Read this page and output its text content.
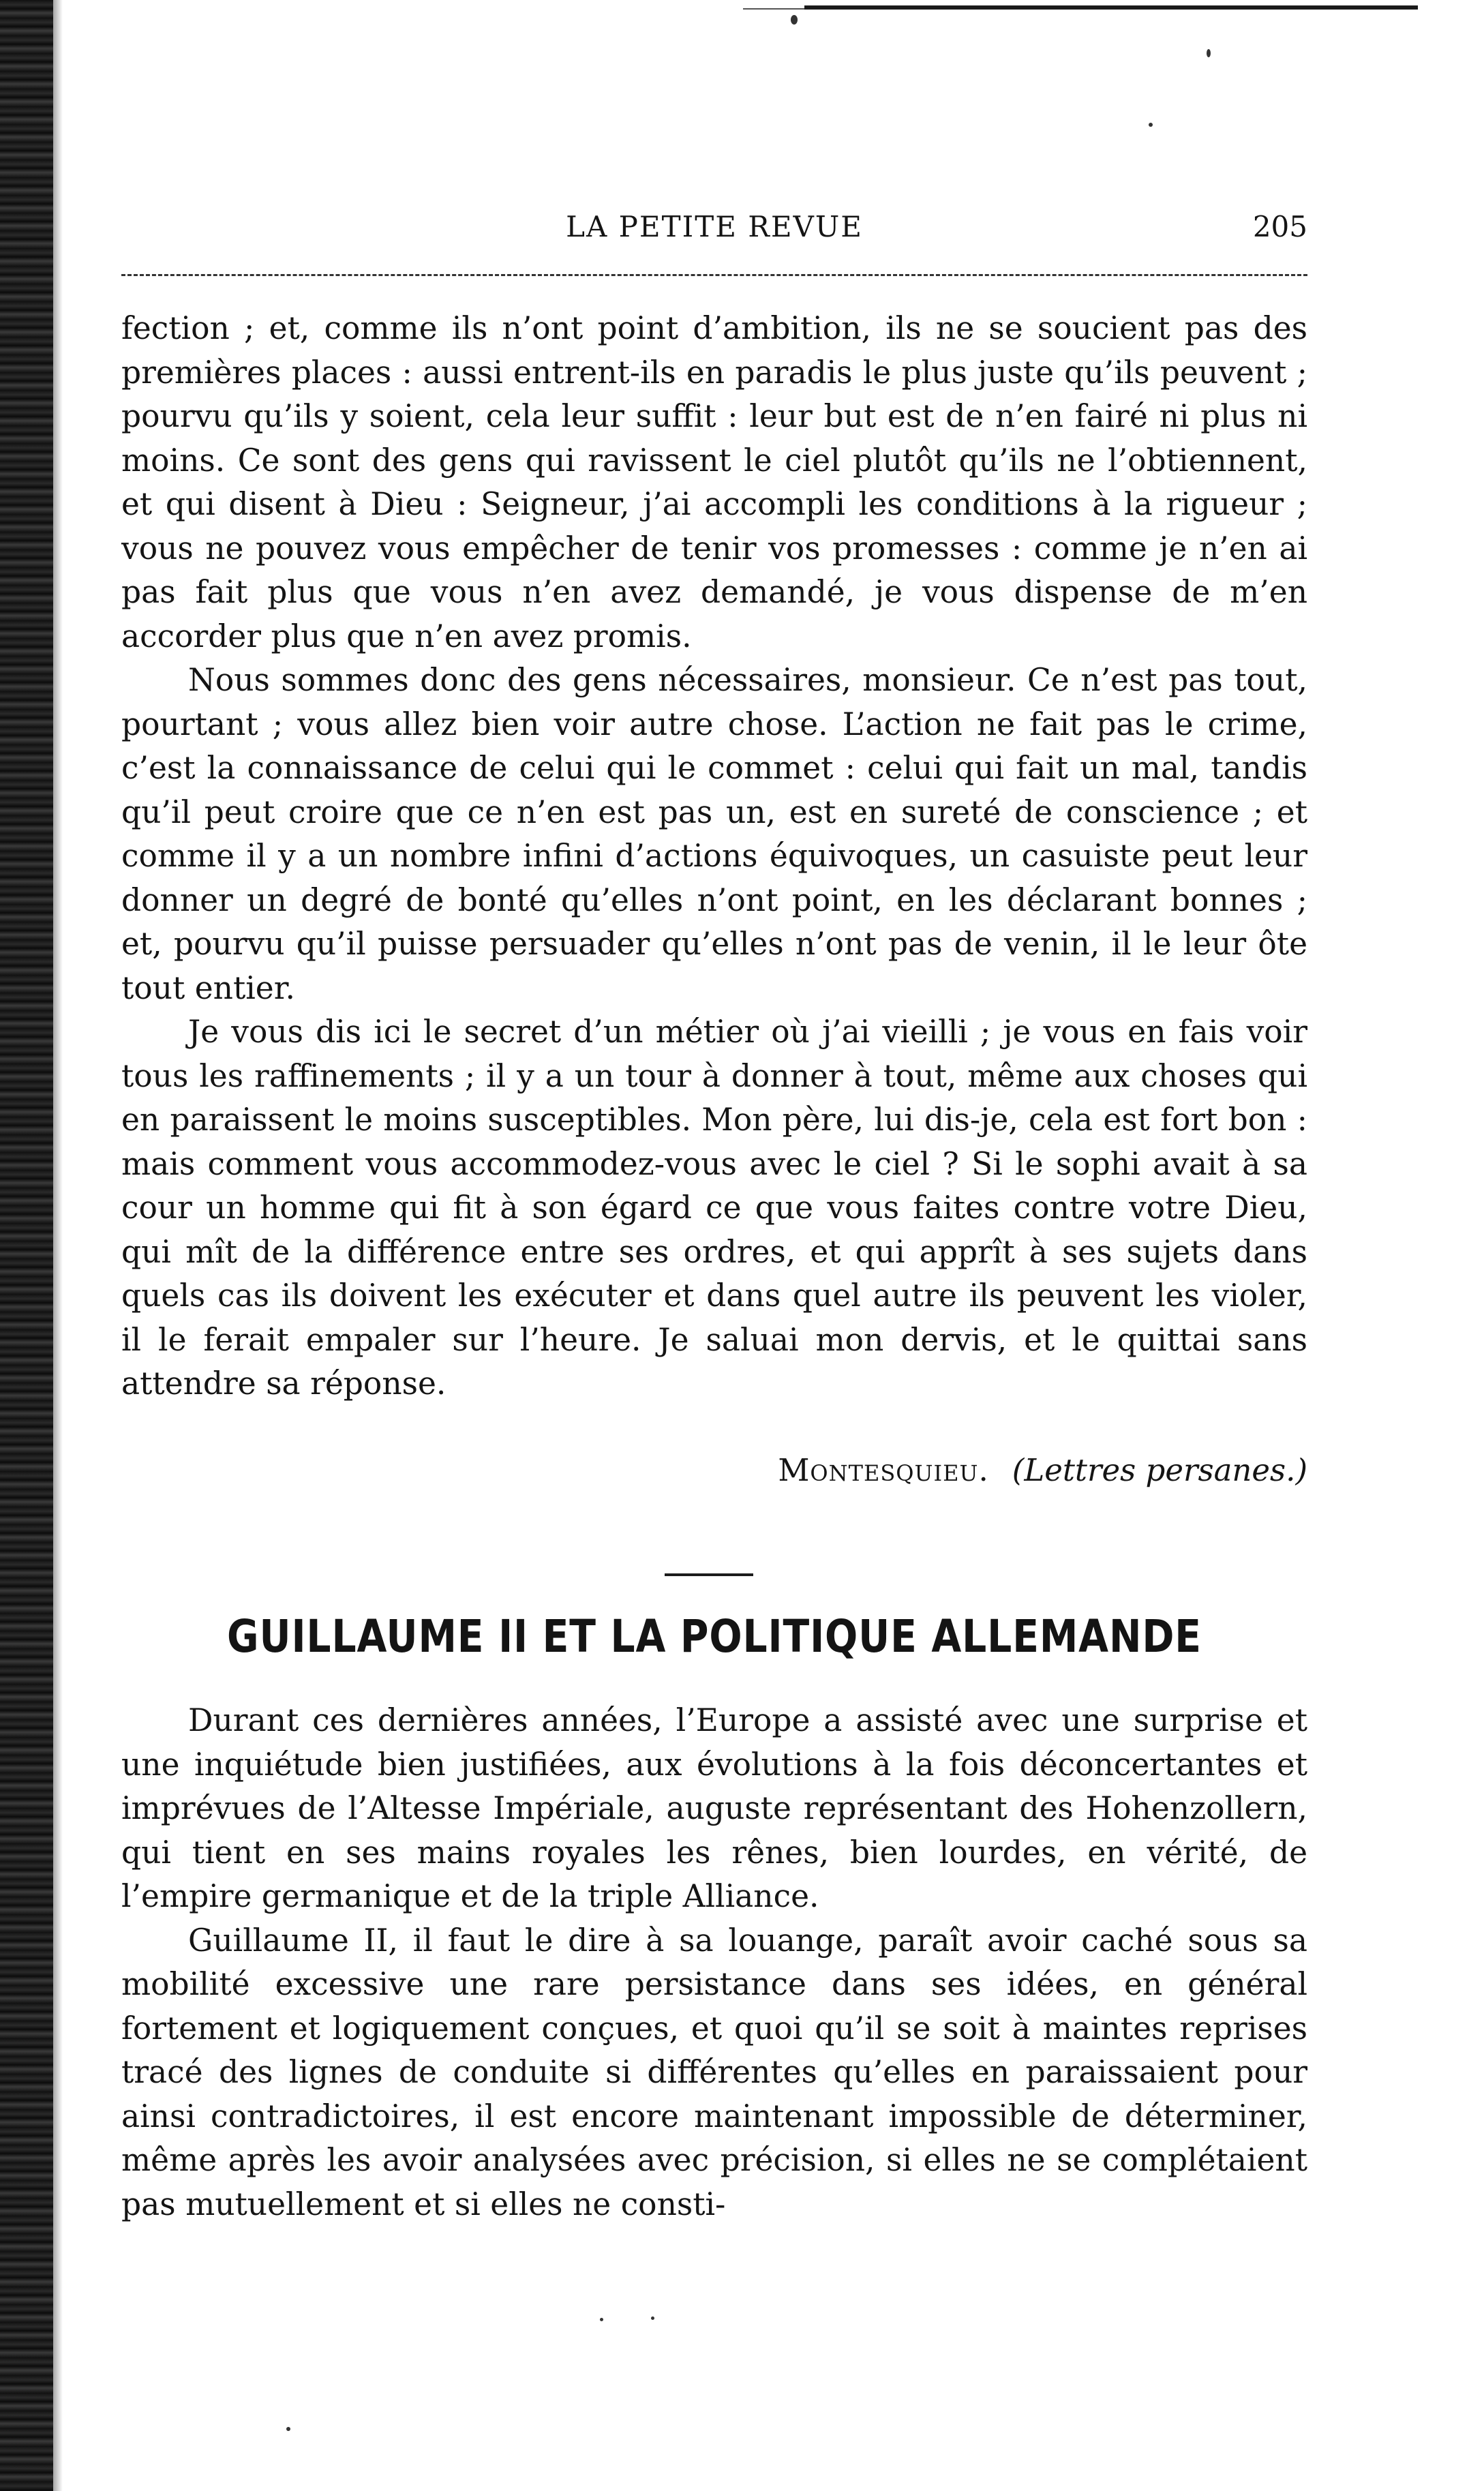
LA PETITE REVUE	205

fection ; et, comme ils n’ont point d’ambition, ils ne se soucient pas des premières places : aussi entrent-ils en paradis le plus juste qu’ils peuvent ; pourvu qu’ils y soient, cela leur suffit : leur but est de n’en fairé ni plus ni moins. Ce sont des gens qui ravissent le ciel plutôt qu’ils ne l’obtiennent, et qui disent à Dieu : Seigneur, j’ai accompli les conditions à la rigueur ; vous ne pouvez vous empêcher de tenir vos promesses : comme je n’en ai pas fait plus que vous n’en avez demandé, je vous dispense de m’en accorder plus que n’en avez promis.

Nous sommes donc des gens nécessaires, monsieur. Ce n’est pas tout, pourtant ; vous allez bien voir autre chose. L’action ne fait pas le crime, c’est la connaissance de celui qui le commet : celui qui fait un mal, tandis qu’il peut croire que ce n’en est pas un, est en sureté de conscience ; et comme il y a un nombre infini d’actions équivoques, un casuiste peut leur donner un degré de bonté qu’elles n’ont point, en les déclarant bonnes ; et, pourvu qu’il puisse persuader qu’elles n’ont pas de venin, il le leur ôte tout entier.

Je vous dis ici le secret d’un métier où j’ai vieilli ; je vous en fais voir tous les raffinements ; il y a un tour à donner à tout, même aux choses qui en paraissent le moins susceptibles. Mon père, lui dis-je, cela est fort bon : mais comment vous accommodez-vous avec le ciel ? Si le sophi avait à sa cour un homme qui fit à son égard ce que vous faites contre votre Dieu, qui mît de la différence entre ses ordres, et qui apprît à ses sujets dans quels cas ils doivent les exécuter et dans quel autre ils peuvent les violer, il le ferait empaler sur l’heure. Je saluai mon dervis, et le quittai sans attendre sa réponse.

Montesquieu. (Lettres persanes.)
GUILLAUME II ET LA POLITIQUE ALLEMANDE

Durant ces dernières années, l’Europe a assisté avec une surprise et une inquiétude bien justifiées, aux évolutions à la fois déconcertantes et imprévues de l’Altesse Impériale, auguste représentant des Hohenzollern, qui tient en ses mains royales les rênes, bien lourdes, en vérité, de l’empire germanique et de la triple Alliance.

Guillaume II, il faut le dire à sa louange, paraît avoir caché sous sa mobilité excessive une rare persistance dans ses idées, en général fortement et logiquement conçues, et quoi qu’il se soit à maintes reprises tracé des lignes de conduite si différentes qu’elles en paraissaient pour ainsi contradictoires, il est encore maintenant impossible de déterminer, même après les avoir analysées avec précision, si elles ne se complétaient pas mutuellement et si elles ne consti-
